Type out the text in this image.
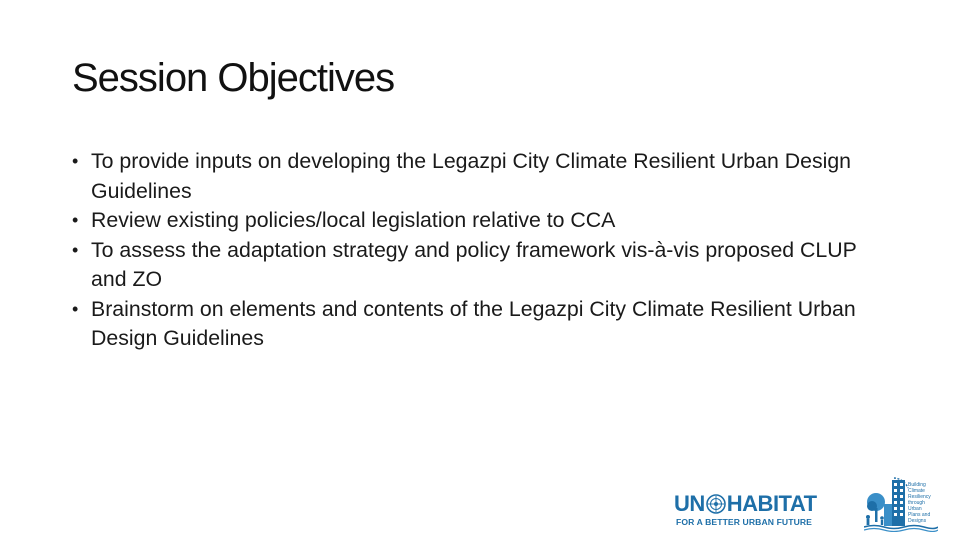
Session Objectives
• To provide inputs on developing the Legazpi City Climate Resilient Urban Design Guidelines
• Review existing policies/local legislation relative to CCA
• To assess the adaptation strategy and policy framework vis-à-vis proposed CLUP and ZO
• Brainstorm on elements and contents of the Legazpi City Climate Resilient Urban Design Guidelines
UN HABITAT
FOR A BETTER URBAN FUTURE
Building
Climate
Resiliency
through Urban
Plans and Designs
